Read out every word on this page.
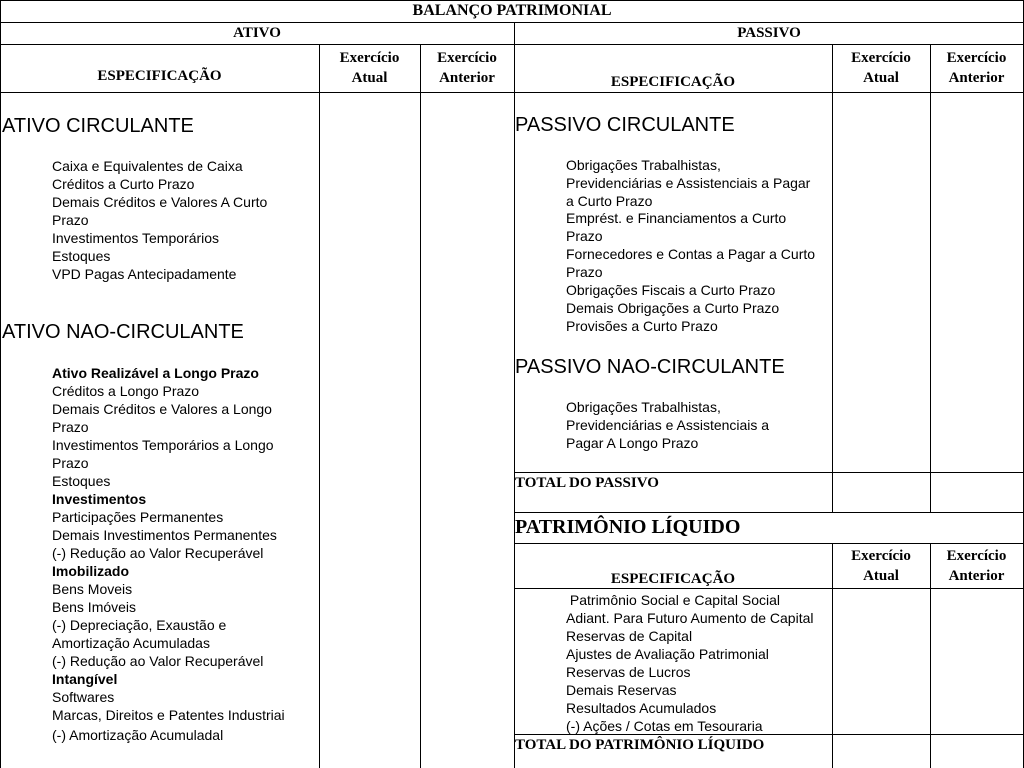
BALANÇO PATRIMONIAL
ATIVO	PASSIVO
ESPECIFICAÇÃO
Exercício
Atual
Exercício
Anterior	ESPECIFICAÇÃO
Exercício
Atual
Exercício
Anterior
ATIVO CIRCULANTE
Caixa e Equivalentes de Caixa
Créditos a Curto Prazo
Demais Créditos e Valores A Curto
Prazo
Investimentos Temporários
Estoques
VPD Pagas Antecipadamente
ATIVO NAO-CIRCULANTE
Ativo Realizável a Longo Prazo
Créditos a Longo Prazo
Demais Créditos e Valores a Longo
Prazo
Investimentos Temporários a Longo
Prazo
Estoques
Investimentos
Participações Permanentes
Demais Investimentos Permanentes
(-) Redução ao Valor Recuperável
Imobilizado
Bens Moveis
Bens Imóveis
(-) Depreciação, Exaustão e
Amortização Acumuladas
(-) Redução ao Valor Recuperável
Intangível
Softwares
Marcas, Direitos e Patentes Industriai
(-) Amortização Acumuladal
PASSIVO CIRCULANTE
Obrigações Trabalhistas,
Previdenciárias e Assistenciais a Pagar
a Curto Prazo
Emprést. e Financiamentos a Curto
Prazo
Fornecedores e Contas a Pagar a Curto
Prazo
Obrigações Fiscais a Curto Prazo
Demais Obrigações a Curto Prazo
Provisões a Curto Prazo
PASSIVO NAO-CIRCULANTE
Obrigações Trabalhistas,
Previdenciárias e Assistenciais a
Pagar A Longo Prazo
TOTAL DO PASSIVO
PATRIMÔNIO LÍQUIDO
ESPECIFICAÇÃO
Exercício
Atual
Exercício
Anterior
Patrimônio Social e Capital Social
Adiant. Para Futuro Aumento de Capital
Reservas de Capital
Ajustes de Avaliação Patrimonial
Reservas de Lucros
Demais Reservas
Resultados Acumulados
(-) Ações / Cotas em Tesouraria
TOTAL DO PATRIMÔNIO LÍQUIDO
